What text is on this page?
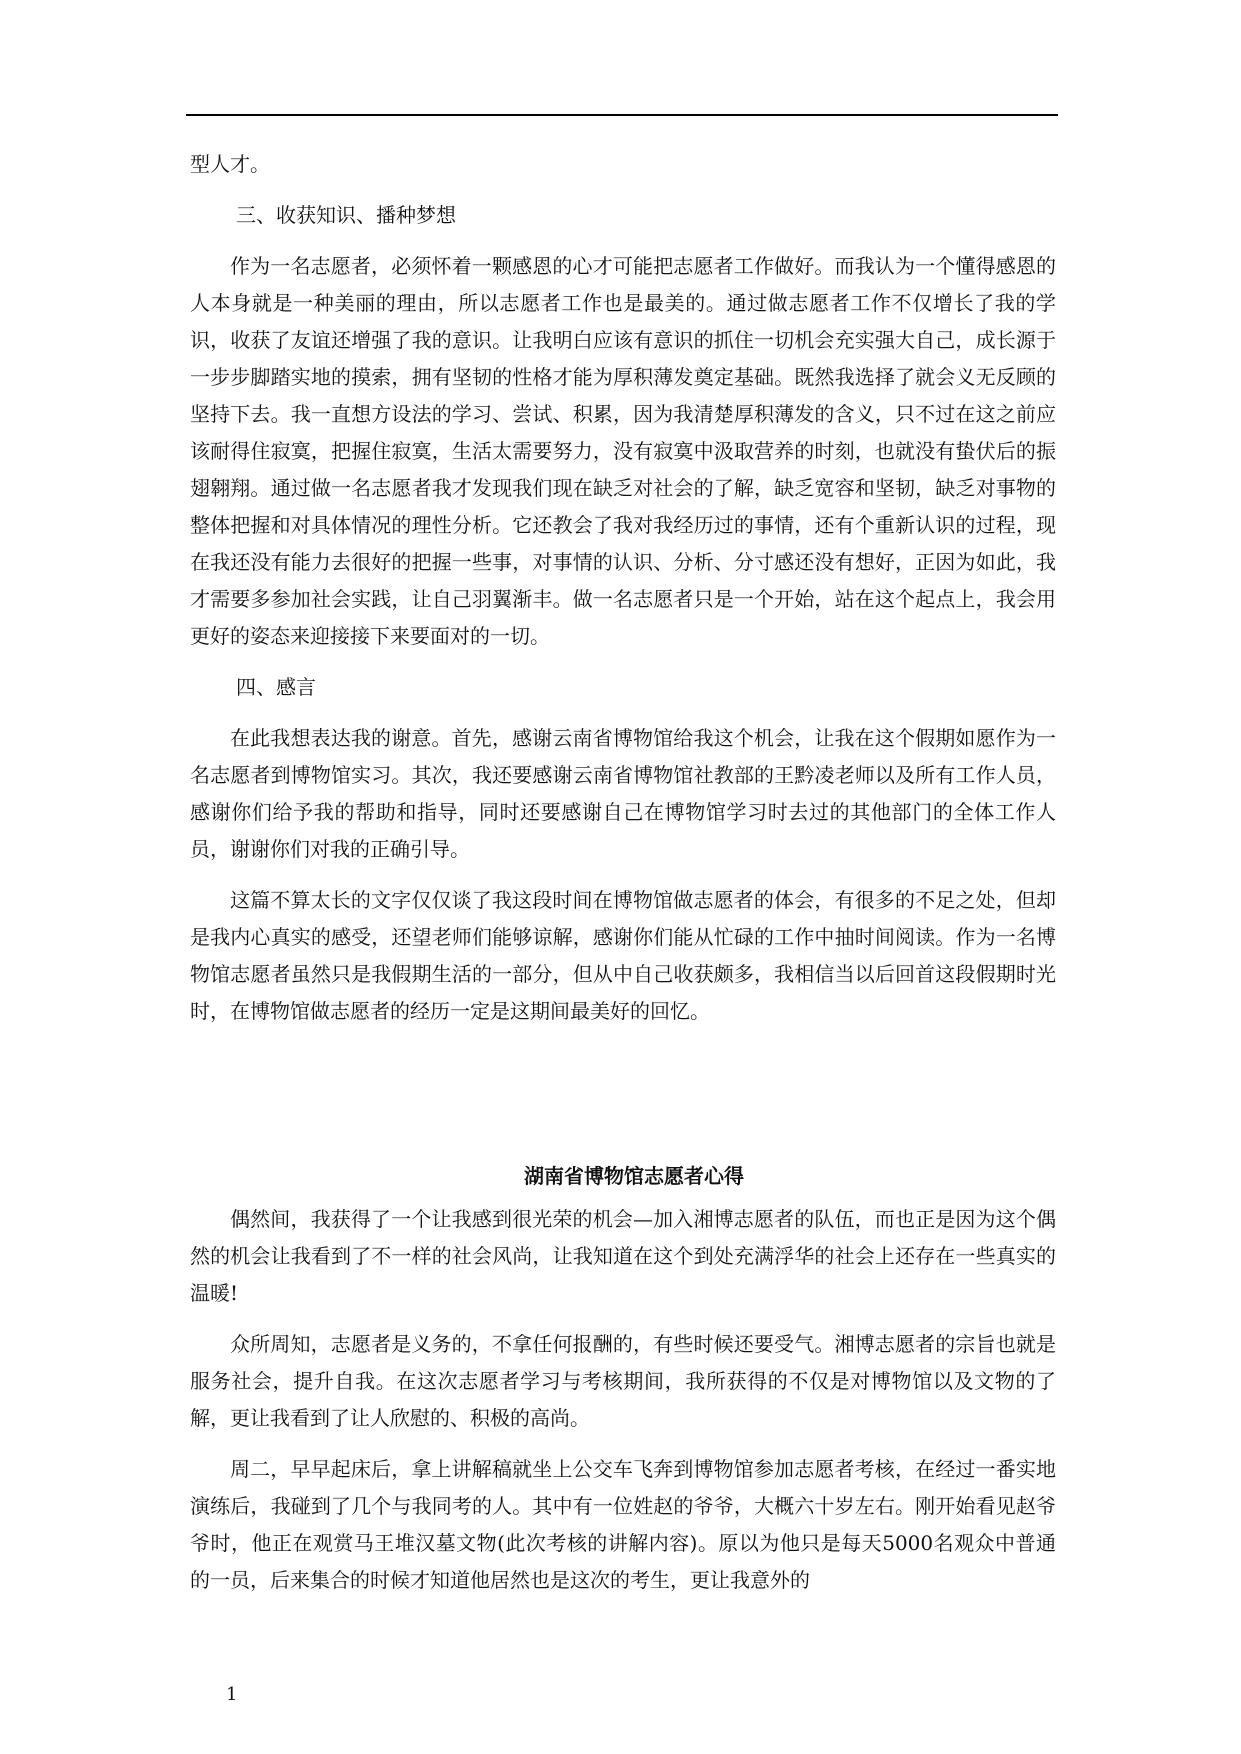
型人才。

三、收获知识、播种梦想

作为一名志愿者，必须怀着一颗感恩的心才可能把志愿者工作做好。而我认为一个懂得感恩的人本身就是一种美丽的理由，所以志愿者工作也是最美的。通过做志愿者工作不仅增长了我的学识，收获了友谊还增强了我的意识。让我明白应该有意识的抓住一切机会充实强大自己，成长源于一步步脚踏实地的摸索，拥有坚韧的性格才能为厚积薄发奠定基础。既然我选择了就会义无反顾的坚持下去。我一直想方设法的学习、尝试、积累，因为我清楚厚积薄发的含义，只不过在这之前应该耐得住寂寞，把握住寂寞，生活太需要努力，没有寂寞中汲取营养的时刻，也就没有蛰伏后的振翅翱翔。通过做一名志愿者我才发现我们现在缺乏对社会的了解，缺乏宽容和坚韧，缺乏对事物的整体把握和对具体情况的理性分析。它还教会了我对我经历过的事情，还有个重新认识的过程，现在我还没有能力去很好的把握一些事，对事情的认识、分析、分寸感还没有想好，正因为如此，我才需要多参加社会实践，让自己羽翼渐丰。做一名志愿者只是一个开始，站在这个起点上，我会用更好的姿态来迎接接下来要面对的一切。

四、感言

在此我想表达我的谢意。首先，感谢云南省博物馆给我这个机会，让我在这个假期如愿作为一名志愿者到博物馆实习。其次，我还要感谢云南省博物馆社教部的王黔凌老师以及所有工作人员，感谢你们给予我的帮助和指导，同时还要感谢自己在博物馆学习时去过的其他部门的全体工作人员，谢谢你们对我的正确引导。

这篇不算太长的文字仅仅谈了我这段时间在博物馆做志愿者的体会，有很多的不足之处，但却是我内心真实的感受，还望老师们能够谅解，感谢你们能从忙碌的工作中抽时间阅读。作为一名博物馆志愿者虽然只是我假期生活的一部分，但从中自己收获颇多，我相信当以后回首这段假期时光时，在博物馆做志愿者的经历一定是这期间最美好的回忆。

湖南省博物馆志愿者心得

偶然间，我获得了一个让我感到很光荣的机会—加入湘博志愿者的队伍，而也正是因为这个偶然的机会让我看到了不一样的社会风尚，让我知道在这个到处充满浮华的社会上还存在一些真实的温暖!

众所周知，志愿者是义务的，不拿任何报酬的，有些时候还要受气。湘博志愿者的宗旨也就是服务社会，提升自我。在这次志愿者学习与考核期间，我所获得的不仅是对博物馆以及文物的了解，更让我看到了让人欣慰的、积极的高尚。

周二，早早起床后，拿上讲解稿就坐上公交车飞奔到博物馆参加志愿者考核，在经过一番实地演练后，我碰到了几个与我同考的人。其中有一位姓赵的爷爷，大概六十岁左右。刚开始看见赵爷爷时，他正在观赏马王堆汉墓文物(此次考核的讲解内容)。原以为他只是每天5000名观众中普通的一员，后来集合的时候才知道他居然也是这次的考生，更让我意外的

1
